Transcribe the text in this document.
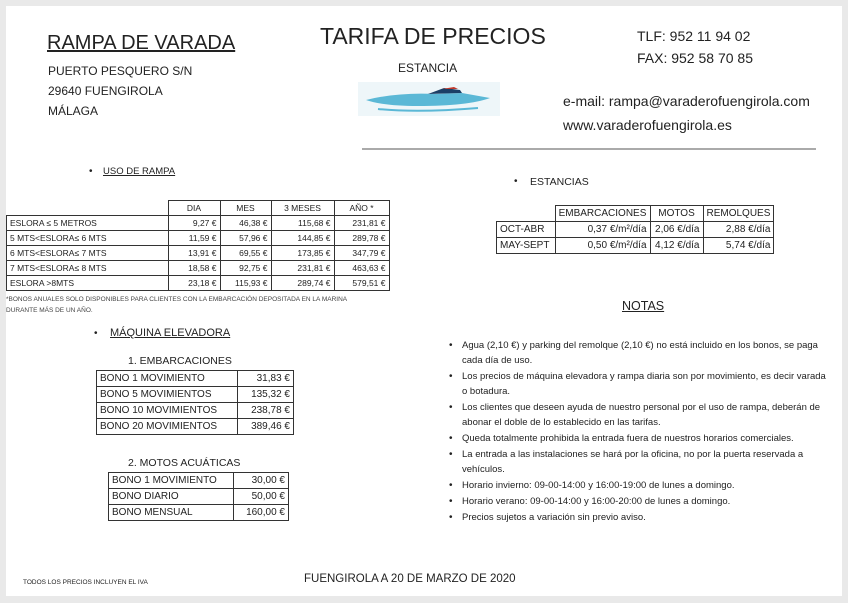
RAMPA DE VARADA
PUERTO PESQUERO S/N
29640 FUENGIROLA
MÁLAGA
TARIFA DE PRECIOS
ESTANCIA
TLF: 952 11 94 02
FAX: 952 58 70 85
e-mail: rampa@varaderofuengirola.com
www.varaderofuengirola.es
• USO DE RAMPA
	DIA	MES	3 MESES	AÑO *
ESLORA ≤ 5 METROS	9,27 €	46,38 €	115,68 €	231,81 €
5 MTS<ESLORA≤ 6 MTS	11,59 €	57,96 €	144,85 €	289,78 €
6 MTS<ESLORA≤ 7 MTS	13,91 €	69,55 €	173,85 €	347,79 €
7 MTS<ESLORA≤ 8 MTS	18,58 €	92,75 €	231,81 €	463,63 €
ESLORA >8MTS	23,18 €	115,93 €	289,74 €	579,51 €
*BONOS ANUALES SOLO DISPONIBLES PARA CLIENTES CON LA EMBARCACIÓN DEPOSITADA EN LA MARINA
DURANTE MÁS DE UN AÑO.
• MÁQUINA ELEVADORA
1. EMBARCACIONES
BONO 1 MOVIMIENTO	31,83 €
BONO 5 MOVIMIENTOS	135,32 €
BONO 10 MOVIMIENTOS	238,78 €
BONO 20 MOVIMIENTOS	389,46 €
2. MOTOS ACUÁTICAS
BONO 1 MOVIMIENTO	30,00 €
BONO DIARIO	50,00 €
BONO MENSUAL	160,00 €
• ESTANCIAS
	EMBARCACIONES	MOTOS	REMOLQUES
OCT-ABR	0,37 €/m²/día	2,06 €/día	2,88 €/día
MAY-SEPT	0,50 €/m²/día	4,12 €/día	5,74 €/día
NOTAS
• Agua (2,10 €) y parking del remolque (2,10 €) no está incluido en los bonos, se paga cada día de uso.
• Los precios de máquina elevadora y rampa diaria son por movimiento, es decir varada o botadura.
• Los clientes que deseen ayuda de nuestro personal por el uso de rampa, deberán de abonar el doble de lo establecido en las tarifas.
• Queda totalmente prohibida la entrada fuera de nuestros horarios comerciales.
• La entrada a las instalaciones se hará por la oficina, no por la puerta reservada a vehículos.
• Horario invierno: 09-00-14:00 y 16:00-19:00 de lunes a domingo.
• Horario verano: 09-00-14:00 y 16:00-20:00 de lunes a domingo.
• Precios sujetos a variación sin previo aviso.
TODOS LOS PRECIOS INCLUYEN EL IVA	FUENGIROLA A 20 DE MARZO DE 2020
